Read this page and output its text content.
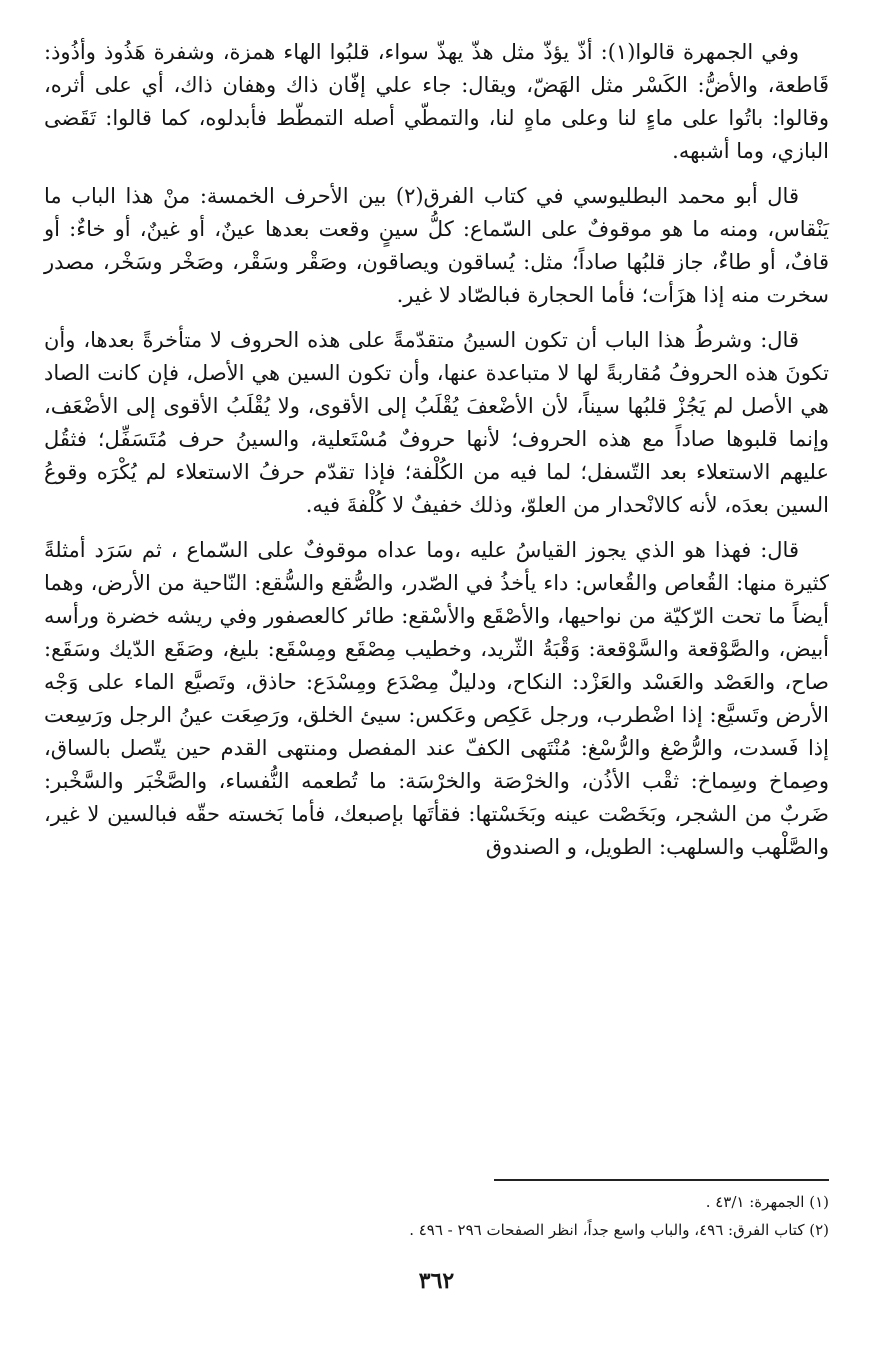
وفي الجمهرة قالوا(١): أذّ يؤذّ مثل هذّ يهذّ سواء، قلبُوا الهاء همزة، وشفرة هَذُوذ وأذُوذ: قَاطعة، والأضُّ: الكَسْر مثل الهَضّ، ويقال: جاء علي إفّان ذاك وهفان ذاك، أي على أثره، وقالوا: باتُوا على ماءٍ لنا وعلى ماهٍ لنا، والتمطّي أصله التمطّط فأبدلوه، كما قالوا: تَقَضى البازي، وما أشبهه.

قال أبو محمد البطليوسي في كتاب الفرق(٢) بين الأحرف الخمسة: منْ هذا الباب ما يَنْقاس، ومنه ما هو موقوفٌ على السّماع: كلُّ سينٍ وقعت بعدها عينٌ، أو غينٌ، أو خاءٌ: أو قافٌ، أو طاءٌ، جاز قلبُها صاداً؛ مثل: يُساقون ويصاقون، وصَقْر وسَقْر، وصَخْر وسَخْر، مصدر سخرت منه إذا هزَأت؛ فأما الحجارة فبالصّاد لا غير.

قال: وشرطُ هذا الباب أن تكون السينُ متقدّمةً على هذه الحروف لا متأخرةً بعدها، وأن تكونَ هذه الحروفُ مُقاربةً لها لا متباعدة عنها، وأن تكون السين هي الأصل، فإن كانت الصاد هي الأصل لم يَجُزْ قلبُها سيناً، لأن الأضْعفَ يُقْلَبُ إلى الأقوى، ولا يُقْلَبُ الأقوى إلى الأضْعَف، وإنما قلبوها صاداً مع هذه الحروف؛ لأنها حروفٌ مُسْتَعلية، والسينُ حرف مُتَسَفِّل؛ فثقُل عليهم الاستعلاء بعد التّسفل؛ لما فيه من الكُلْفة؛ فإذا تقدّم حرفُ الاستعلاء لم يُكْرَه وقوعُ السين بعدَه، لأنه كالانْحدار من العلوّ، وذلك خفيفٌ لا كُلْفةَ فيه.

قال: فهذا هو الذي يجوز القياسُ عليه ،وما عداه موقوفٌ على السّماع ، ثم سَرَد أمثلةً كثيرة منها: القُعاص والقُعاس: داء يأخذُ في الصّدر، والصُّقع والسُّقع: النّاحية من الأرض، وهما أيضاً ما تحت الرّكيّة من نواحيها، والأصْقَع والأسْقع: طائر كالعصفور وفي ريشه خضرة ورأسه أبيض، والصَّوْقعة والسَّوْقعة: وَقْبَةُ الثّريد، وخطيب مِصْقَع ومِسْقَع: بليغ، وصَقَع الدّيك وسَقَع: صاح، والعَصْد والعَسْد والعَزْد: النكاح، ودليلٌ مِصْدَع ومِسْدَع: حاذق، وتَصيَّع الماء على وَجْه الأرض وتَسيَّع: إذا اضْطرب، ورجل عَكِص وعَكس: سيئ الخلق، ورَصِعَت عينُ الرجل ورَسِعت إذا فَسدت، والرُّصْغ والرُّسْغ: مُنْتَهى الكفّ عند المفصل ومنتهى القدم حين يتّصل بالساق، وصِماخ وسِماخ: ثقْب الأذُن، والخرْصَة والخرْسَة: ما تُطعمه النُّفساء، والصَّخْبَر والسَّخْبر: ضَربٌ من الشجر، وبَخَصْت عينه وبَخَسْتها: فقأتَها بإصبعك، فأما بَخسته حقّه فبالسين لا غير، والصَّلْهب والسلهب: الطويل، و الصندوق

(١) الجمهرة: ٤٣/١ .

(٢) كتاب الفرق: ٤٩٦، والباب واسع جداً، انظر الصفحات ٢٩٦ - ٤٩٦ .

٣٦٢
